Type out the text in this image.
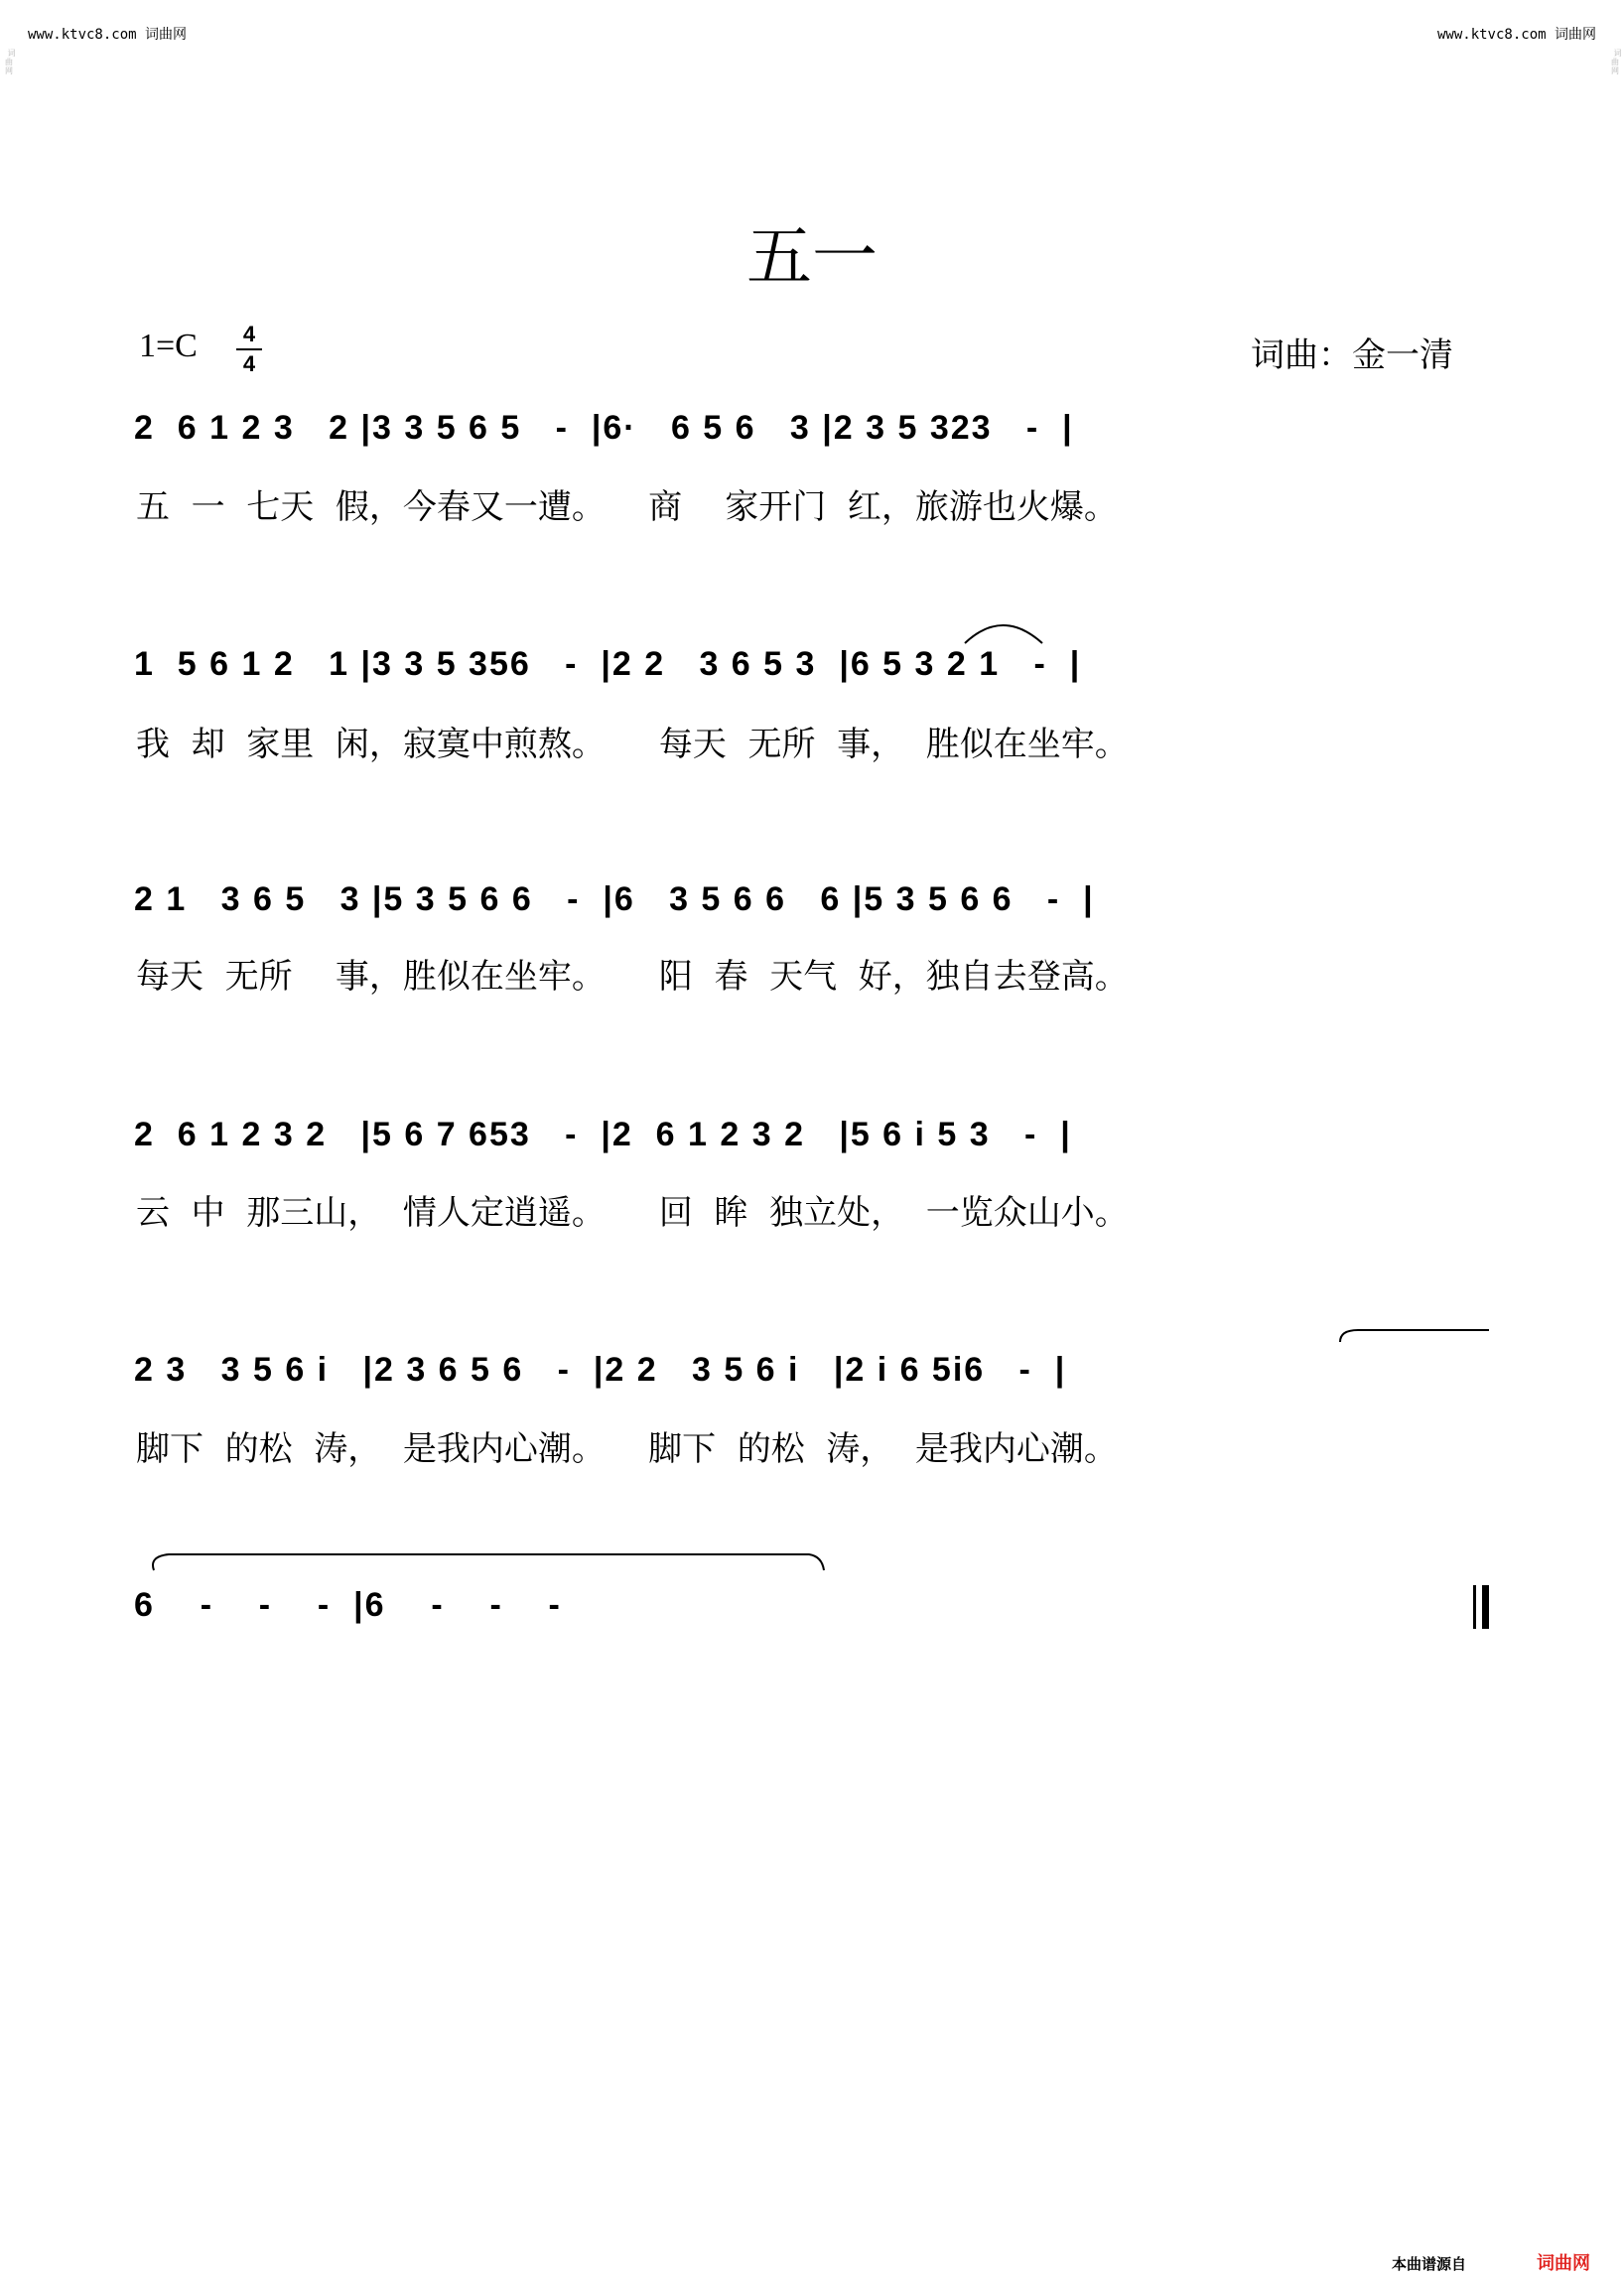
www.ktvc8.com 词曲网	www.ktvc8.com 词曲网

词曲网

词曲网

五一
1=C	4
4	词曲：金一清
2  6 1 2 3   2 |3 3 5 6 5   -  |6·   6 5 6   3 |2 3 5 323   -  |
五  一  七天  假，今春又一遭。    商    家开门  红，旅游也火爆。
1  5 6 1 2   1 |3 3 5 356   -  |2 2   3 6 5 3  |6 5 3 2 1   -  |
我  却  家里  闲，寂寞中煎熬。     每天  无所  事，  胜似在坐牢。
2 1   3 6 5   3 |5 3 5 6 6   -  |6   3 5 6 6   6 |5 3 5 6 6   -  |
每天  无所    事，胜似在坐牢。     阳  春  天气  好，独自去登高。
2  6 1 2 3 2   |5 6 7 653   -  |2  6 1 2 3 2   |5 6 i 5 3   -  |
云  中  那三山，  情人定逍遥。     回  眸  独立处，  一览众山小。
2 3   3 5 6 i   |2 3 6 5 6   -  |2 2   3 5 6 i   |2 i 6 5i6   -  |
脚下  的松  涛，  是我内心潮。    脚下  的松  涛，  是我内心潮。
6    -    -    -  |6    -    -    -
本曲谱源自	词曲网
